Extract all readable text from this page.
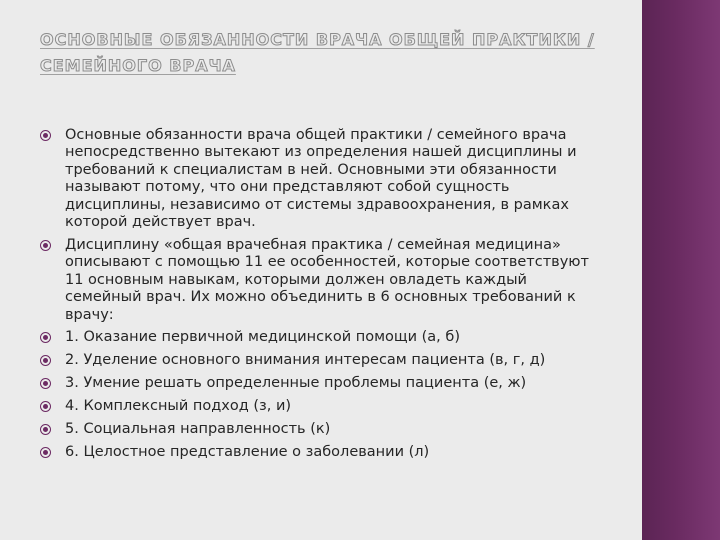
ОСНОВНЫЕ ОБЯЗАННОСТИ ВРАЧА ОБЩЕЙ ПРАКТИКИ / СЕМЕЙНОГО ВРАЧА
Основные обязанности врача общей практики / семейного врача непосредственно вытекают из определения нашей дисциплины и требований к специалистам в ней. Основными эти обязанности называют потому, что они представляют собой сущность дисциплины, независимо от системы здравоохранения, в рамках которой действует врач.
Дисциплину «общая врачебная практика / семейная медицина» описывают с помощью 11 ее особенностей, которые соответствуют 11 основным навыкам, которыми должен овладеть каждый семейный врач. Их можно объединить в 6 основных требований к врачу:
1. Оказание первичной медицинской помощи (а, б)
2. Уделение основного внимания интересам пациента (в, г, д)
3. Умение решать определенные проблемы пациента (е, ж)
4. Комплексный подход (з, и)
5. Социальная направленность (к)
6. Целостное представление о заболевании (л)
